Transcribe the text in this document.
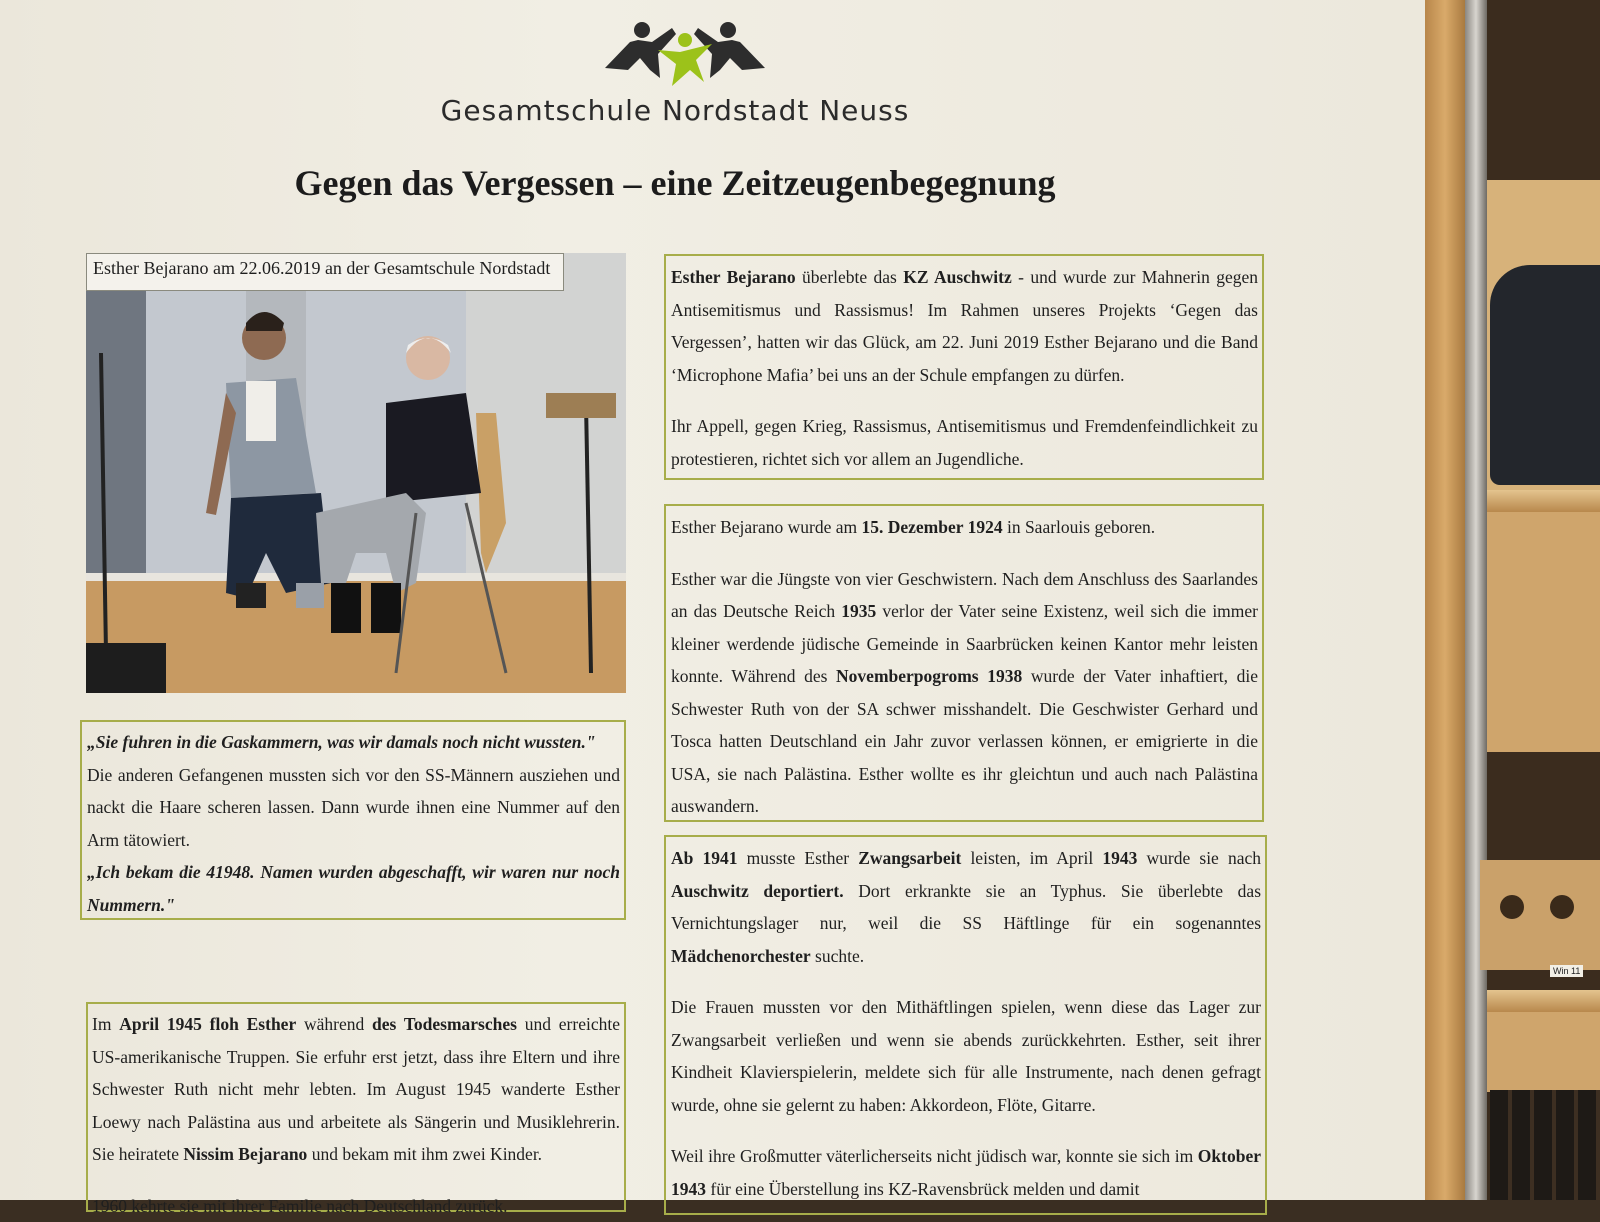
Gesamtschule Nordstadt Neuss
Gegen das Vergessen – eine Zeitzeugenbegegnung
Esther Bejarano am 22.06.2019 an der Gesamtschule Nordstadt

„Sie fuhren in die Gaskammern, was wir damals noch nicht wussten."

Die anderen Gefangenen mussten sich vor den SS-Männern ausziehen und nackt die Haare scheren lassen. Dann wurde ihnen eine Nummer auf den Arm tätowiert.

„Ich bekam die 41948. Namen wurden abgeschafft, wir waren nur noch Nummern."

Im April 1945 floh Esther während des Todesmarsches und erreichte US-amerikanische Truppen. Sie erfuhr erst jetzt, dass ihre Eltern und ihre Schwester Ruth nicht mehr lebten. Im August 1945 wanderte Esther Loewy nach Palästina aus und arbeitete als Sängerin und Musiklehrerin. Sie heiratete Nissim Bejarano und bekam mit ihm zwei Kinder.

1960 kehrte sie mit ihrer Familie nach Deutschland zurück.

Esther Bejarano überlebte das KZ Auschwitz - und wurde zur Mahnerin gegen Antisemitismus und Rassismus! Im Rahmen unseres Projekts ‘Gegen das Vergessen’, hatten wir das Glück, am 22. Juni 2019 Esther Bejarano und die Band ‘Microphone Mafia’ bei uns an der Schule empfangen zu dürfen.

Ihr Appell, gegen Krieg, Rassismus, Antisemitismus und Fremdenfeindlichkeit zu protestieren, richtet sich vor allem an Jugendliche.

Esther Bejarano wurde am 15. Dezember 1924 in Saarlouis geboren.

Esther war die Jüngste von vier Geschwistern. Nach dem Anschluss des Saarlandes an das Deutsche Reich 1935 verlor der Vater seine Existenz, weil sich die immer kleiner werdende jüdische Gemeinde in Saarbrücken keinen Kantor mehr leisten konnte. Während des Novemberpogroms 1938 wurde der Vater inhaftiert, die Schwester Ruth von der SA schwer misshandelt. Die Geschwister Gerhard und Tosca hatten Deutschland ein Jahr zuvor verlassen können, er emigrierte in die USA, sie nach Palästina. Esther wollte es ihr gleichtun und auch nach Palästina auswandern.

Ab 1941 musste Esther Zwangsarbeit leisten, im April 1943 wurde sie nach Auschwitz deportiert. Dort erkrankte sie an Typhus. Sie überlebte das Vernichtungslager nur, weil die SS Häftlinge für ein sogenanntes Mädchenorchester suchte.

Die Frauen mussten vor den Mithäftlingen spielen, wenn diese das Lager zur Zwangsarbeit verließen und wenn sie abends zurückkehrten. Esther, seit ihrer Kindheit Klavierspielerin, meldete sich für alle Instrumente, nach denen gefragt wurde, ohne sie gelernt zu haben: Akkordeon, Flöte, Gitarre.

Weil ihre Großmutter väterlicherseits nicht jüdisch war, konnte sie sich im Oktober 1943 für eine Überstellung ins KZ-Ravensbrück melden und damit

Win 11
